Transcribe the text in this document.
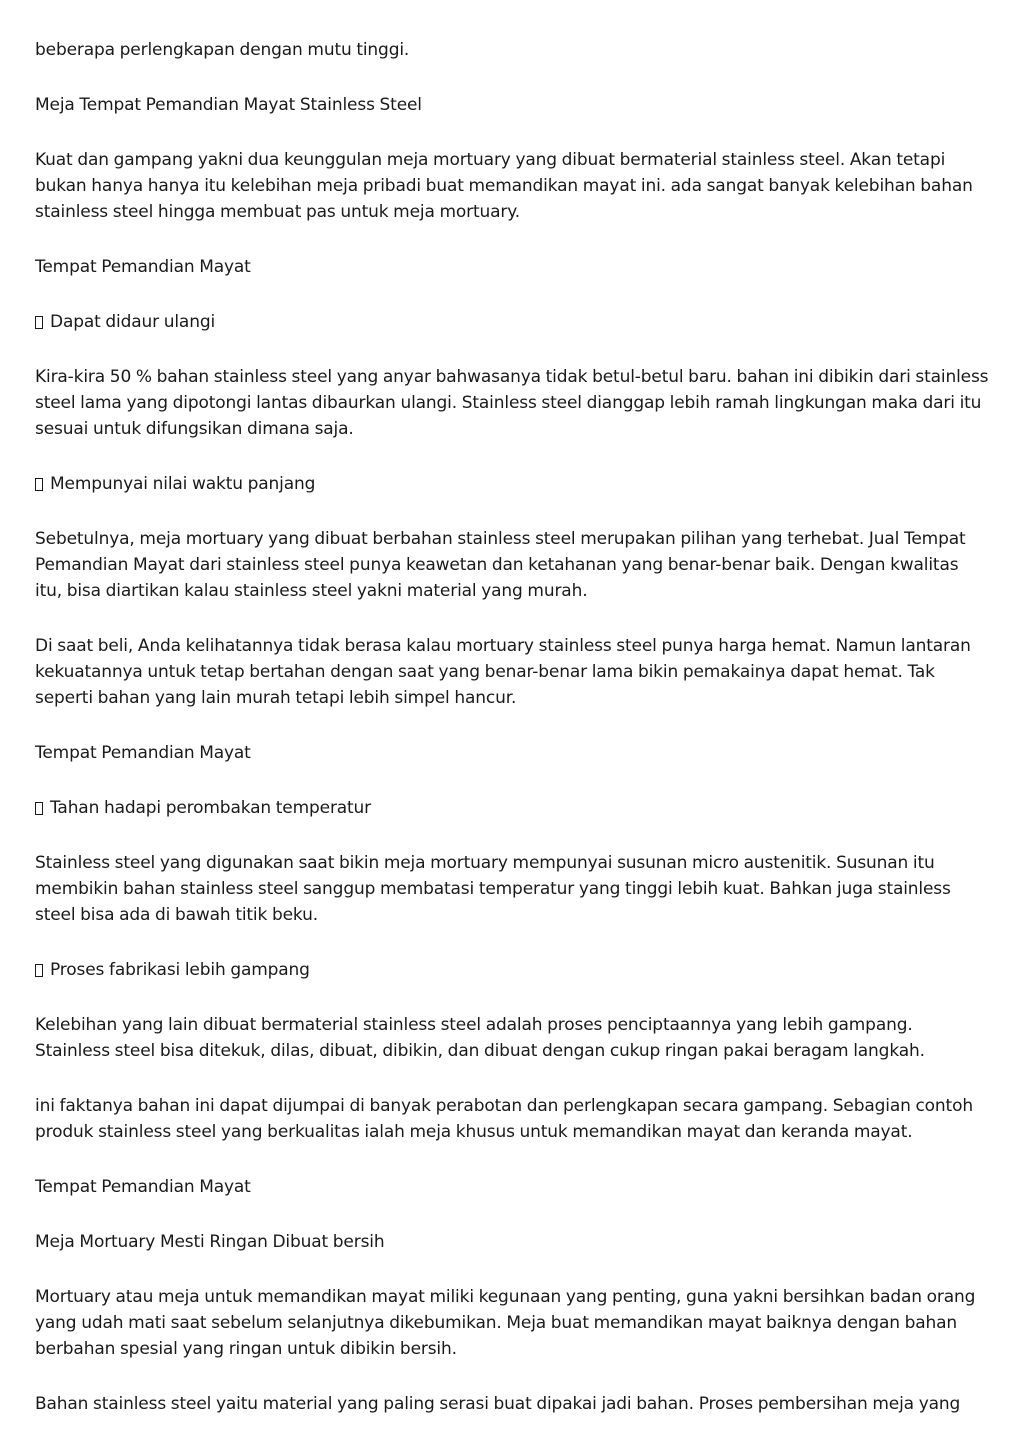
beberapa perlengkapan dengan mutu tinggi.
Meja Tempat Pemandian Mayat Stainless Steel
Kuat dan gampang yakni dua keunggulan meja mortuary yang dibuat bermaterial stainless steel. Akan tetapi bukan hanya hanya itu kelebihan meja pribadi buat memandikan mayat ini. ada sangat banyak kelebihan bahan stainless steel hingga membuat pas untuk meja mortuary.
Tempat Pemandian Mayat
Dapat didaur ulangi
Kira-kira 50 % bahan stainless steel yang anyar bahwasanya tidak betul-betul baru. bahan ini dibikin dari stainless steel lama yang dipotongi lantas dibaurkan ulangi. Stainless steel dianggap lebih ramah lingkungan maka dari itu sesuai untuk difungsikan dimana saja.
Mempunyai nilai waktu panjang
Sebetulnya, meja mortuary yang dibuat berbahan stainless steel merupakan pilihan yang terhebat. Jual Tempat Pemandian Mayat dari stainless steel punya keawetan dan ketahanan yang benar-benar baik. Dengan kwalitas itu, bisa diartikan kalau stainless steel yakni material yang murah.
Di saat beli, Anda kelihatannya tidak berasa kalau mortuary stainless steel punya harga hemat. Namun lantaran kekuatannya untuk tetap bertahan dengan saat yang benar-benar lama bikin pemakainya dapat hemat. Tak seperti bahan yang lain murah tetapi lebih simpel hancur.
Tempat Pemandian Mayat
Tahan hadapi perombakan temperatur
Stainless steel yang digunakan saat bikin meja mortuary mempunyai susunan micro austenitik. Susunan itu membikin bahan stainless steel sanggup membatasi temperatur yang tinggi lebih kuat. Bahkan juga stainless steel bisa ada di bawah titik beku.
Proses fabrikasi lebih gampang
Kelebihan yang lain dibuat bermaterial stainless steel adalah proses penciptaannya yang lebih gampang. Stainless steel bisa ditekuk, dilas, dibuat, dibikin, dan dibuat dengan cukup ringan pakai beragam langkah.
ini faktanya bahan ini dapat dijumpai di banyak perabotan dan perlengkapan secara gampang. Sebagian contoh produk stainless steel yang berkualitas ialah meja khusus untuk memandikan mayat dan keranda mayat.
Tempat Pemandian Mayat
Meja Mortuary Mesti Ringan Dibuat bersih
Mortuary atau meja untuk memandikan mayat miliki kegunaan yang penting, guna yakni bersihkan badan orang yang udah mati saat sebelum selanjutnya dikebumikan. Meja buat memandikan mayat baiknya dengan bahan berbahan spesial yang ringan untuk dibikin bersih.
Bahan stainless steel yaitu material yang paling serasi buat dipakai jadi bahan. Proses pembersihan meja yang
